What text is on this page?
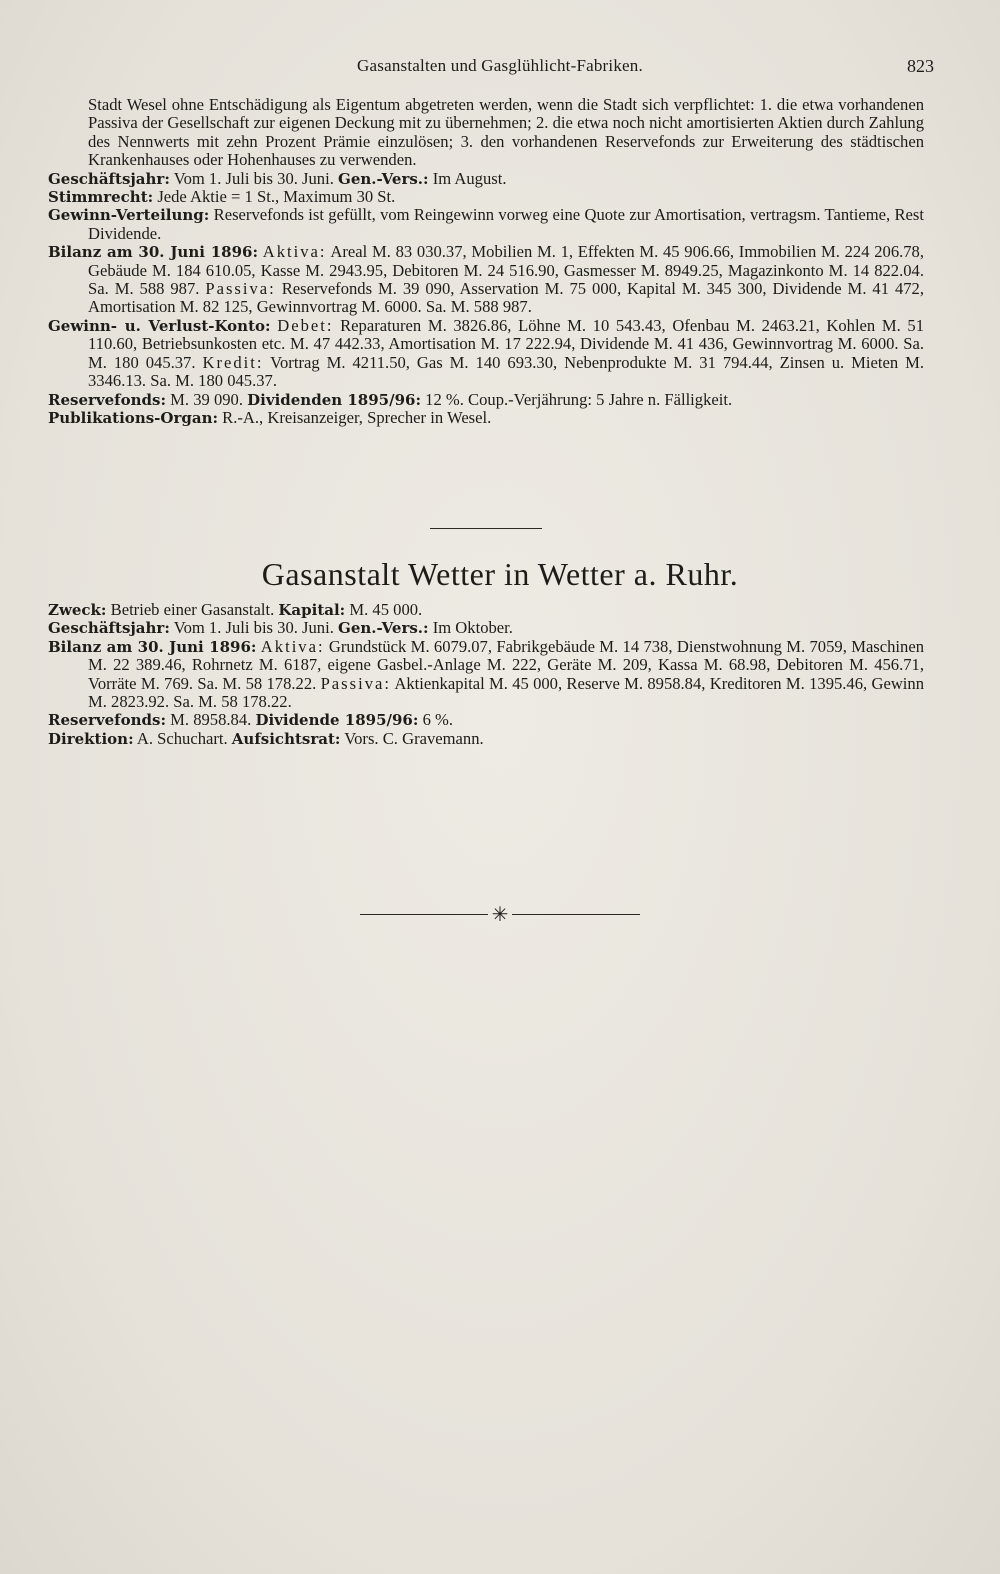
Gasanstalten und Gasglühlicht-Fabriken.	823

Stadt Wesel ohne Entschädigung als Eigentum abgetreten werden, wenn die Stadt sich verpflichtet: 1. die etwa vorhandenen Passiva der Gesellschaft zur eigenen Deckung mit zu übernehmen; 2. die etwa noch nicht amortisierten Aktien durch Zahlung des Nennwerts mit zehn Prozent Prämie einzulösen; 3. den vorhandenen Reservefonds zur Erweiterung des städtischen Krankenhauses oder Hohenhauses zu verwenden.

Geschäftsjahr: Vom 1. Juli bis 30. Juni. Gen.-Vers.: Im August.

Stimmrecht: Jede Aktie = 1 St., Maximum 30 St.

Gewinn-Verteilung: Reservefonds ist gefüllt, vom Reingewinn vorweg eine Quote zur Amortisation, vertragsm. Tantieme, Rest Dividende.

Bilanz am 30. Juni 1896: Aktiva: Areal M. 83 030.37, Mobilien M. 1, Effekten M. 45 906.66, Immobilien M. 224 206.78, Gebäude M. 184 610.05, Kasse M. 2943.95, Debitoren M. 24 516.90, Gasmesser M. 8949.25, Magazinkonto M. 14 822.04. Sa. M. 588 987. Passiva: Reservefonds M. 39 090, Asservation M. 75 000, Kapital M. 345 300, Dividende M. 41 472, Amortisation M. 82 125, Gewinnvortrag M. 6000. Sa. M. 588 987.

Gewinn- u. Verlust-Konto: Debet: Reparaturen M. 3826.86, Löhne M. 10 543.43, Ofenbau M. 2463.21, Kohlen M. 51 110.60, Betriebsunkosten etc. M. 47 442.33, Amortisation M. 17 222.94, Dividende M. 41 436, Gewinnvortrag M. 6000. Sa. M. 180 045.37. Kredit: Vortrag M. 4211.50, Gas M. 140 693.30, Nebenprodukte M. 31 794.44, Zinsen u. Mieten M. 3346.13. Sa. M. 180 045.37.

Reservefonds: M. 39 090. Dividenden 1895/96: 12 %. Coup.-Verjährung: 5 Jahre n. Fälligkeit.

Publikations-Organ: R.-A., Kreisanzeiger, Sprecher in Wesel.

Gasanstalt Wetter in Wetter a. Ruhr.

Zweck: Betrieb einer Gasanstalt. Kapital: M. 45 000.

Geschäftsjahr: Vom 1. Juli bis 30. Juni. Gen.-Vers.: Im Oktober.

Bilanz am 30. Juni 1896: Aktiva: Grundstück M. 6079.07, Fabrikgebäude M. 14 738, Dienstwohnung M. 7059, Maschinen M. 22 389.46, Rohrnetz M. 6187, eigene Gasbel.-Anlage M. 222, Geräte M. 209, Kassa M. 68.98, Debitoren M. 456.71, Vorräte M. 769. Sa. M. 58 178.22. Passiva: Aktienkapital M. 45 000, Reserve M. 8958.84, Kreditoren M. 1395.46, Gewinn M. 2823.92. Sa. M. 58 178.22.

Reservefonds: M. 8958.84. Dividende 1895/96: 6 %.

Direktion: A. Schuchart. Aufsichtsrat: Vors. C. Gravemann.

✳
